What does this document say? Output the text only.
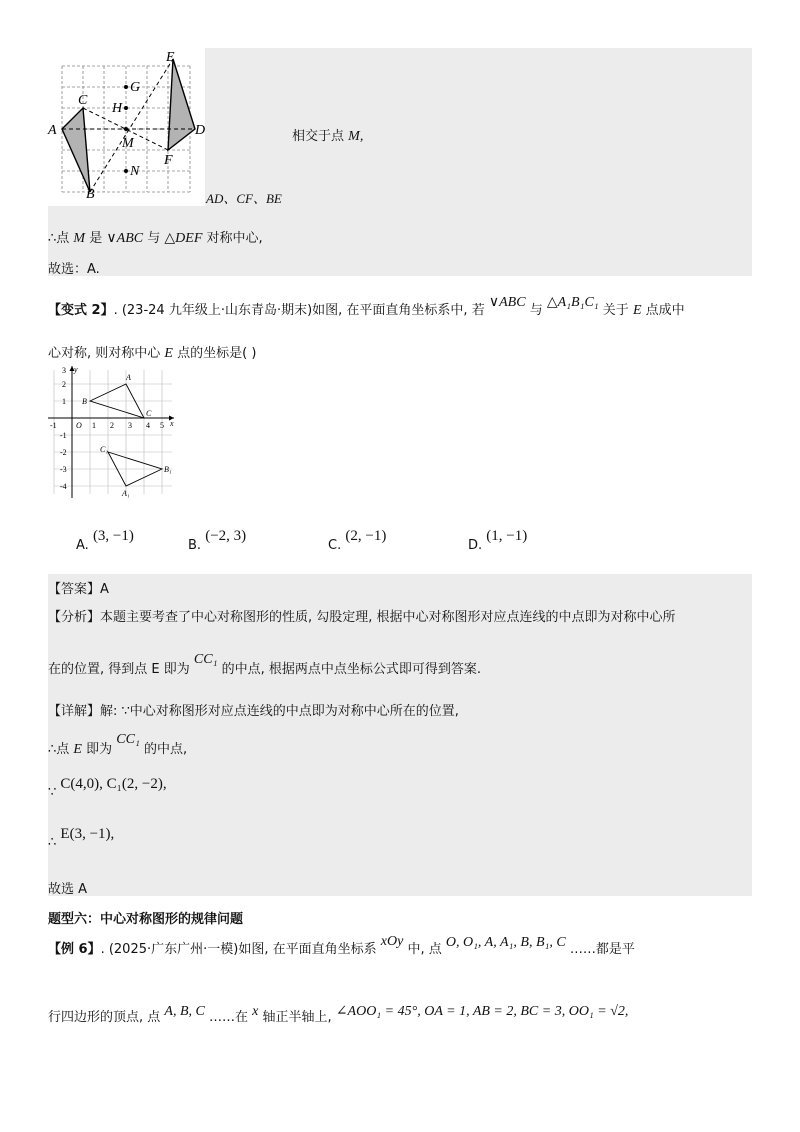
E
G
C
H
A
M
D
F
N
B
相交于点 M,
AD、CF、BE
∴点 M 是 ∨ABC 与 △DEF 对称中心,
故选：A.
【变式 2】. (23-24 九年级上·山东青岛·期末)如图, 在平面直角坐标系中, 若 ∨ABC 与 △A₁B₁C₁ 关于 E 点成中
心对称, 则对称中心 E 点的坐标是( )
1 2 3 4 5
-1 O
1
2
3
-1
-2
-3
-4
x
y
A
B
C
C₁
B₁
A₁
A. (3, −1)
B. (−2, 3)
C. (2, −1)
D. (1, −1)
【答案】A
【分析】本题主要考查了中心对称图形的性质, 勾股定理, 根据中心对称图形对应点连线的中点即为对称中心所
在的位置, 得到点 E 即为 CC₁ 的中点, 根据两点中点坐标公式即可得到答案.
【详解】解: ∵中心对称图形对应点连线的中点即为对称中心所在的位置,
∴点 E 即为 CC₁ 的中点,
∵ C(4,0), C₁(2, −2),
∴ E(3, −1),
故选 A
题型六：中心对称图形的规律问题
【例 6】. (2025·广东广州·一模)如图, 在平面直角坐标系 xOy 中, 点 O, O₁, A, A₁, B, B₁, C ……都是平
行四边形的顶点, 点 A, B, C ……在 x 轴正半轴上, ∠AOO₁ = 45°, OA = 1, AB = 2, BC = 3, OO₁ = √2,
